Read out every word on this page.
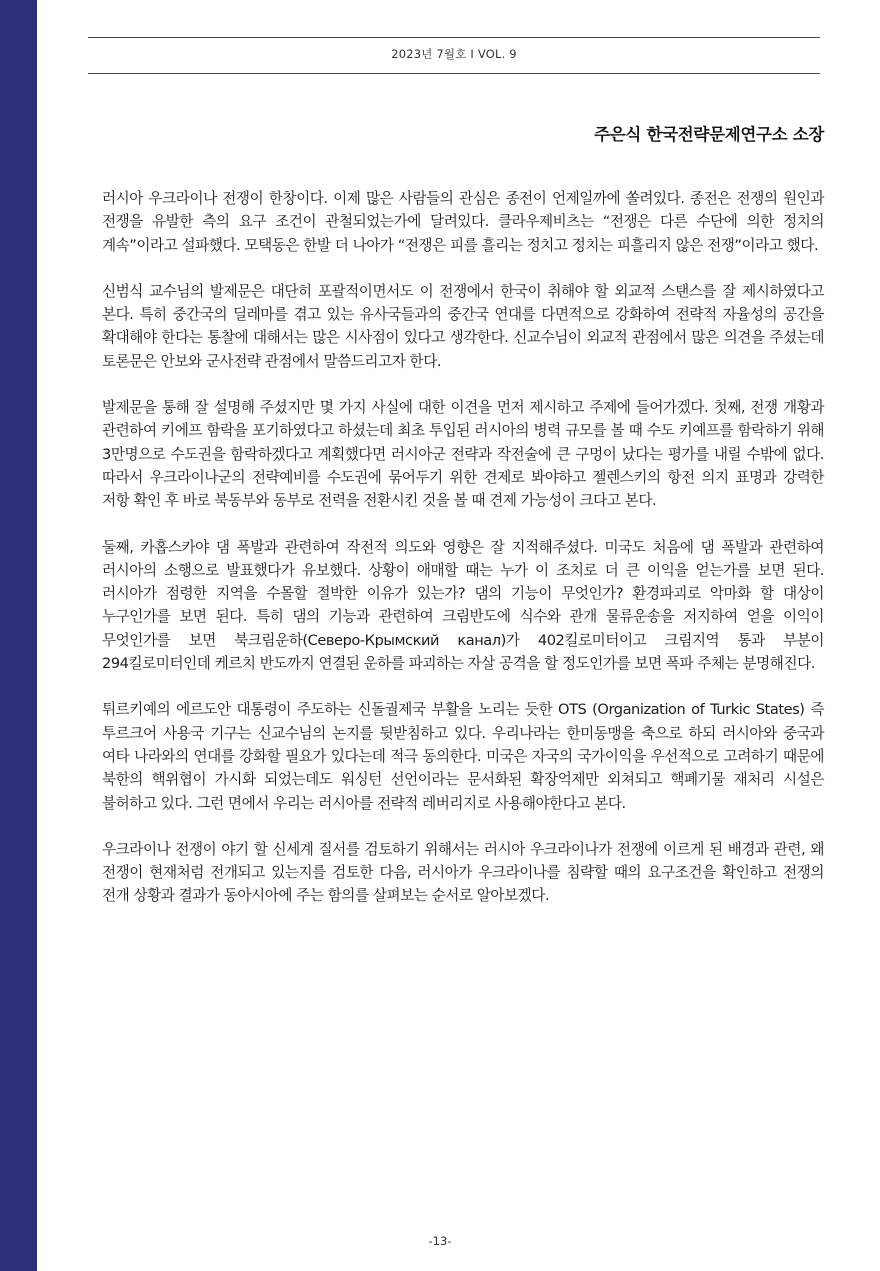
2023년 7월호 I VOL. 9
주은식 한국전략문제연구소 소장

러시아 우크라이나 전쟁이 한창이다. 이제 많은 사람들의 관심은 종전이 언제일까에 쏠려있다. 종전은 전쟁의 원인과 전쟁을 유발한 측의 요구 조건이 관철되었는가에 달려있다. 클라우제비츠는 “전쟁은 다른 수단에 의한 정치의 계속”이라고 설파했다. 모택동은 한발 더 나아가 “전쟁은 피를 흘리는 정치고 정치는 피흘리지 않은 전쟁”이라고 했다.

신범식 교수님의 발제문은 대단히 포괄적이면서도 이 전쟁에서 한국이 취해야 할 외교적 스탠스를 잘 제시하였다고 본다. 특히 중간국의 딜레마를 겪고 있는 유사국들과의 중간국 연대를 다면적으로 강화하여 전략적 자율성의 공간을 확대해야 한다는 통찰에 대해서는 많은 시사점이 있다고 생각한다. 신교수님이 외교적 관점에서 많은 의견을 주셨는데 토론문은 안보와 군사전략 관점에서 말씀드리고자 한다.

발제문을 통해 잘 설명해 주셨지만 몇 가지 사실에 대한 이견을 먼저 제시하고 주제에 들어가겠다. 첫째, 전쟁 개황과 관련하여 키에프 함락을 포기하였다고 하셨는데 최초 투입된 러시아의 병력 규모를 볼 때 수도 키예프를 함락하기 위해 3만명으로 수도권을 함락하겠다고 계획했다면 러시아군 전략과 작전술에 큰 구멍이 났다는 평가를 내릴 수밖에 없다. 따라서 우크라이나군의 전략예비를 수도권에 묶어두기 위한 견제로 봐야하고 젤렌스키의 항전 의지 표명과 강력한 저항 확인 후 바로 북동부와 동부로 전력을 전환시킨 것을 볼 때 견제 가능성이 크다고 본다.

둘째, 카홉스카야 댐 폭발과 관련하여 작전적 의도와 영향은 잘 지적해주셨다. 미국도 처음에 댐 폭발과 관련하여 러시아의 소행으로 발표했다가 유보했다. 상황이 애매할 때는 누가 이 조치로 더 큰 이익을 얻는가를 보면 된다. 러시아가 점령한 지역을 수몰할 절박한 이유가 있는가? 댐의 기능이 무엇인가? 환경파괴로 악마화 할 대상이 누구인가를 보면 된다. 특히 댐의 기능과 관련하여 크림반도에 식수와 관개 물류운송을 저지하여 얻을 이익이 무엇인가를 보면 북크림운하(Северо-Крымский канал)가 402킬로미터이고 크림지역 통과 부분이 294킬로미터인데 케르치 반도까지 연결된 운하를 파괴하는 자살 공격을 할 정도인가를 보면 폭파 주체는 분명해진다.

튀르키예의 에르도안 대통령이 주도하는 신돌궐제국 부활을 노리는 듯한 OTS (Organization of Turkic States) 즉 투르크어 사용국 기구는 신교수님의 논지를 뒷받침하고 있다. 우리나라는 한미동맹을 축으로 하되 러시아와 중국과 여타 나라와의 연대를 강화할 필요가 있다는데 적극 동의한다. 미국은 자국의 국가이익을 우선적으로 고려하기 때문에 북한의 핵위협이 가시화 되었는데도 워싱턴 선언이라는 문서화된 확장억제만 외쳐되고 핵폐기물 재처리 시설은 불허하고 있다. 그런 면에서 우리는 러시아를 전략적 레버리지로 사용해야한다고 본다.

우크라이나 전쟁이 야기 할 신세계 질서를 검토하기 위해서는 러시아 우크라이나가 전쟁에 이르게 된 배경과 관련, 왜 전쟁이 현재처럼 전개되고 있는지를 검토한 다음, 러시아가 우크라이나를 침략할 때의 요구조건을 확인하고 전쟁의 전개 상황과 결과가 동아시아에 주는 함의를 살펴보는 순서로 알아보겠다.

-13-
